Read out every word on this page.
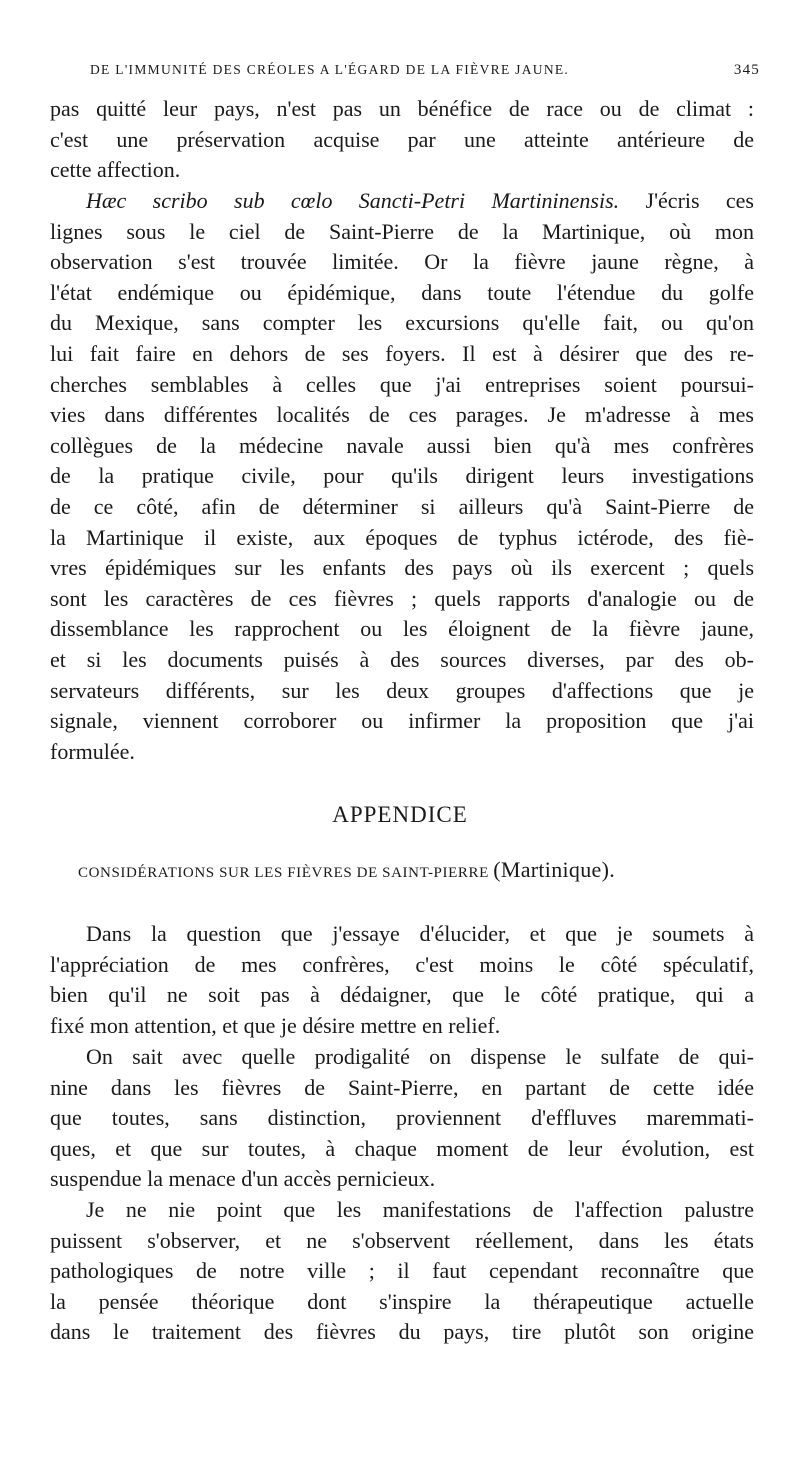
DE L'IMMUNITÉ DES CRÉOLES A L'ÉGARD DE LA FIÈVRE JAUNE.	345
pas quitté leur pays, n'est pas un bénéfice de race ou de climat :
c'est une préservation acquise par une atteinte antérieure de
cette affection.
Hæc scribo sub cœlo Sancti-Petri Martininensis. J'écris ces
lignes sous le ciel de Saint-Pierre de la Martinique, où mon
observation s'est trouvée limitée. Or la fièvre jaune règne, à
l'état endémique ou épidémique, dans toute l'étendue du golfe
du Mexique, sans compter les excursions qu'elle fait, ou qu'on
lui fait faire en dehors de ses foyers. Il est à désirer que des re-
cherches semblables à celles que j'ai entreprises soient poursui-
vies dans différentes localités de ces parages. Je m'adresse à mes
collègues de la médecine navale aussi bien qu'à mes confrères
de la pratique civile, pour qu'ils dirigent leurs investigations
de ce côté, afin de déterminer si ailleurs qu'à Saint-Pierre de
la Martinique il existe, aux époques de typhus ictérode, des fiè-
vres épidémiques sur les enfants des pays où ils exercent ; quels
sont les caractères de ces fièvres ; quels rapports d'analogie ou de
dissemblance les rapprochent ou les éloignent de la fièvre jaune,
et si les documents puisés à des sources diverses, par des ob-
servateurs différents, sur les deux groupes d'affections que je
signale, viennent corroborer ou infirmer la proposition que j'ai
formulée.
APPENDICE
CONSIDÉRATIONS SUR LES FIÈVRES DE SAINT-PIERRE (Martinique).
Dans la question que j'essaye d'élucider, et que je soumets à
l'appréciation de mes confrères, c'est moins le côté spéculatif,
bien qu'il ne soit pas à dédaigner, que le côté pratique, qui a
fixé mon attention, et que je désire mettre en relief.
On sait avec quelle prodigalité on dispense le sulfate de qui-
nine dans les fièvres de Saint-Pierre, en partant de cette idée
que toutes, sans distinction, proviennent d'effluves maremmati-
ques, et que sur toutes, à chaque moment de leur évolution, est
suspendue la menace d'un accès pernicieux.
Je ne nie point que les manifestations de l'affection palustre
puissent s'observer, et ne s'observent réellement, dans les états
pathologiques de notre ville ; il faut cependant reconnaître que
la pensée théorique dont s'inspire la thérapeutique actuelle
dans le traitement des fièvres du pays, tire plutôt son origine
